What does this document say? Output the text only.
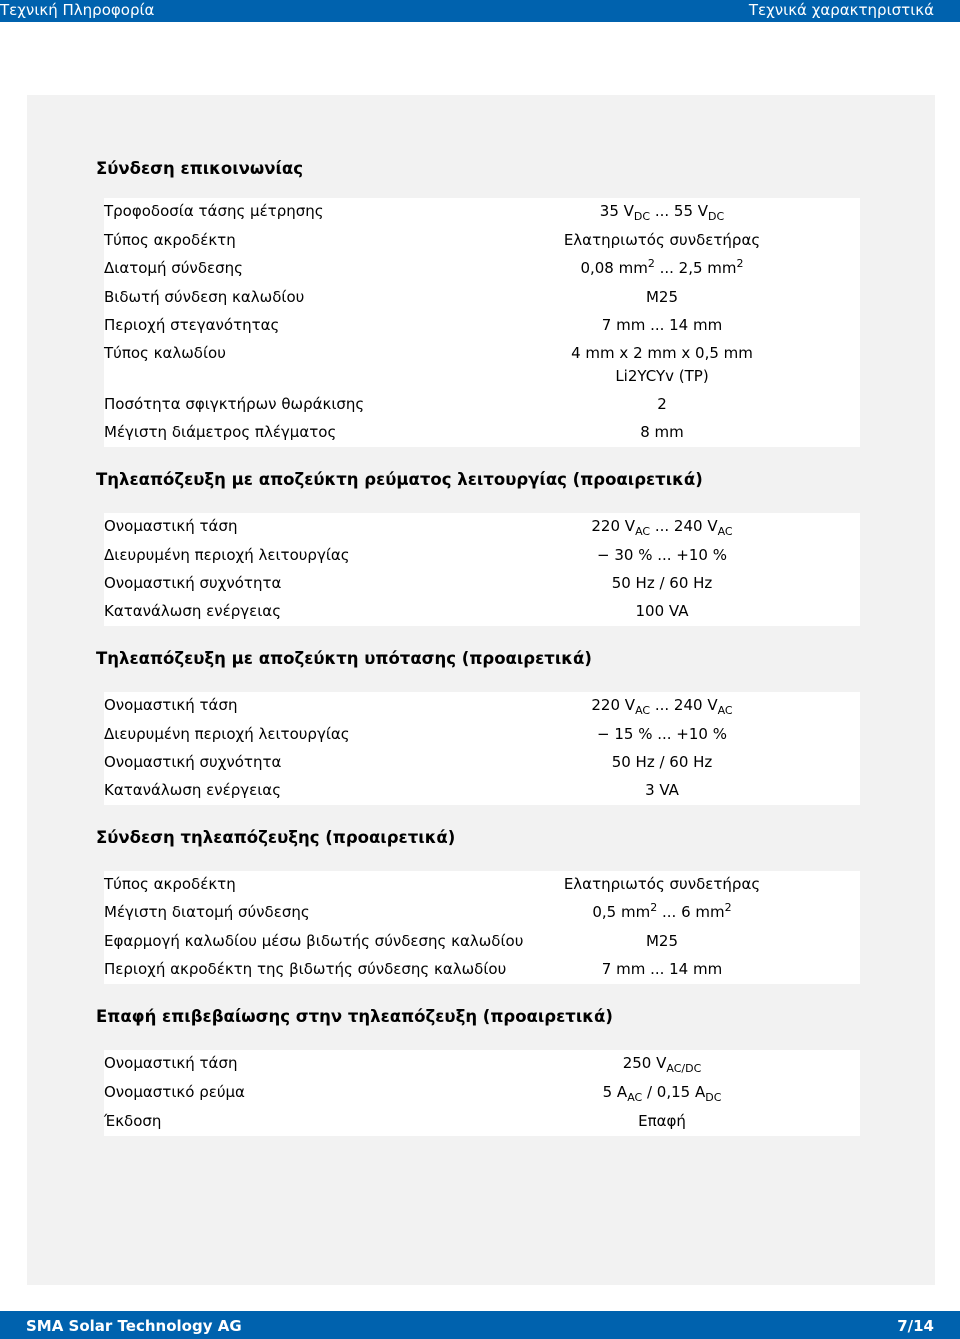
Τεχνική Πληροφορία	Τεχνικά χαρακτηριστικά
Σύνδεση επικοινωνίας
Τροφοδοσία τάσης μέτρησης	35 $V_{DC}$ ... 55 $V_{DC}$
Τύπος ακροδέκτη	Ελατηριωτός συνδετήρας
Διατομή σύνδεσης	0,08 $mm^2$ ... 2,5 $mm^2$
Βιδωτή σύνδεση καλωδίου	M25
Περιοχή στεγανότητας	7 mm ... 14 mm
Τύπος καλωδίου	4 mm x 2 mm x 0,5 mm Li2YCYv (TP)
Ποσότητα σφιγκτήρων θωράκισης	2
Μέγιστη διάμετρος πλέγματος	8 mm
Τηλεαπόζευξη με αποζεύκτη ρεύματος λειτουργίας (προαιρετικά)
Ονομαστική τάση	220 $V_{AC}$ ... 240 $V_{AC}$
Διευρυμένη περιοχή λειτουργίας	− 30 % ... +10 %
Ονομαστική συχνότητα	50 Hz / 60 Hz
Κατανάλωση ενέργειας	100 VA
Τηλεαπόζευξη με αποζεύκτη υπότασης (προαιρετικά)
Ονομαστική τάση	220 $V_{AC}$ ... 240 $V_{AC}$
Διευρυμένη περιοχή λειτουργίας	− 15 % ... +10 %
Ονομαστική συχνότητα	50 Hz / 60 Hz
Κατανάλωση ενέργειας	3 VA
Σύνδεση τηλεαπόζευξης (προαιρετικά)
Τύπος ακροδέκτη	Ελατηριωτός συνδετήρας
Μέγιστη διατομή σύνδεσης	0,5 $mm^2$ ... 6 $mm^2$
Εφαρμογή καλωδίου μέσω βιδωτής σύνδεσης καλωδίου	M25
Περιοχή ακροδέκτη της βιδωτής σύνδεσης καλωδίου	7 mm ... 14 mm
Επαφή επιβεβαίωσης στην τηλεαπόζευξη (προαιρετικά)
Ονομαστική τάση	250 $V_{AC/DC}$
Ονομαστικό ρεύμα	5 $A_{AC} / 0,15$ $A_{DC}$
Έκδοση	Επαφή
SMA Solar Technology AG	7/14
